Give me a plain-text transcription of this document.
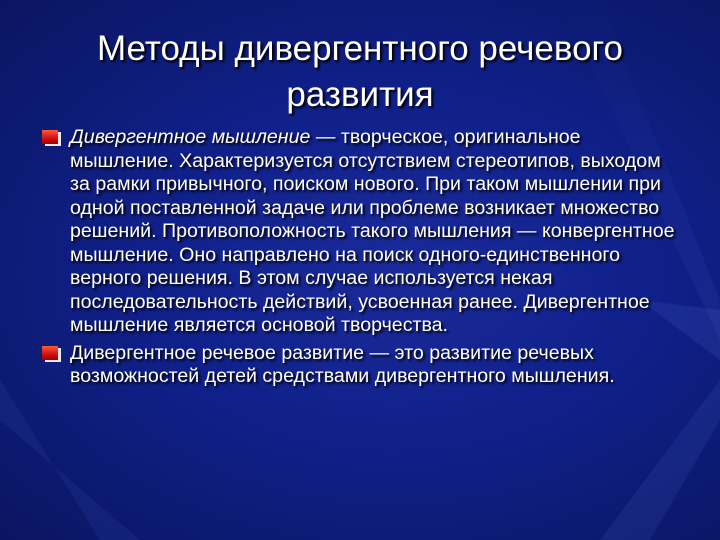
Методы дивергентного речевого развития
Дивергентное мышление — творческое, оригинальное мышление. Характеризуется отсутствием стереотипов, выходом за рамки привычного, поиском нового. При таком мышлении при одной поставленной задаче или проблеме возникает множество решений. Противоположность такого мышления — конвергентное мышление. Оно направлено на поиск одного-единственного верного решения. В этом случае используется некая последовательность действий, усвоенная ранее. Дивергентное мышление является основой творчества.
Дивергентное речевое развитие — это развитие речевых возможностей детей средствами дивергентного мышления.
